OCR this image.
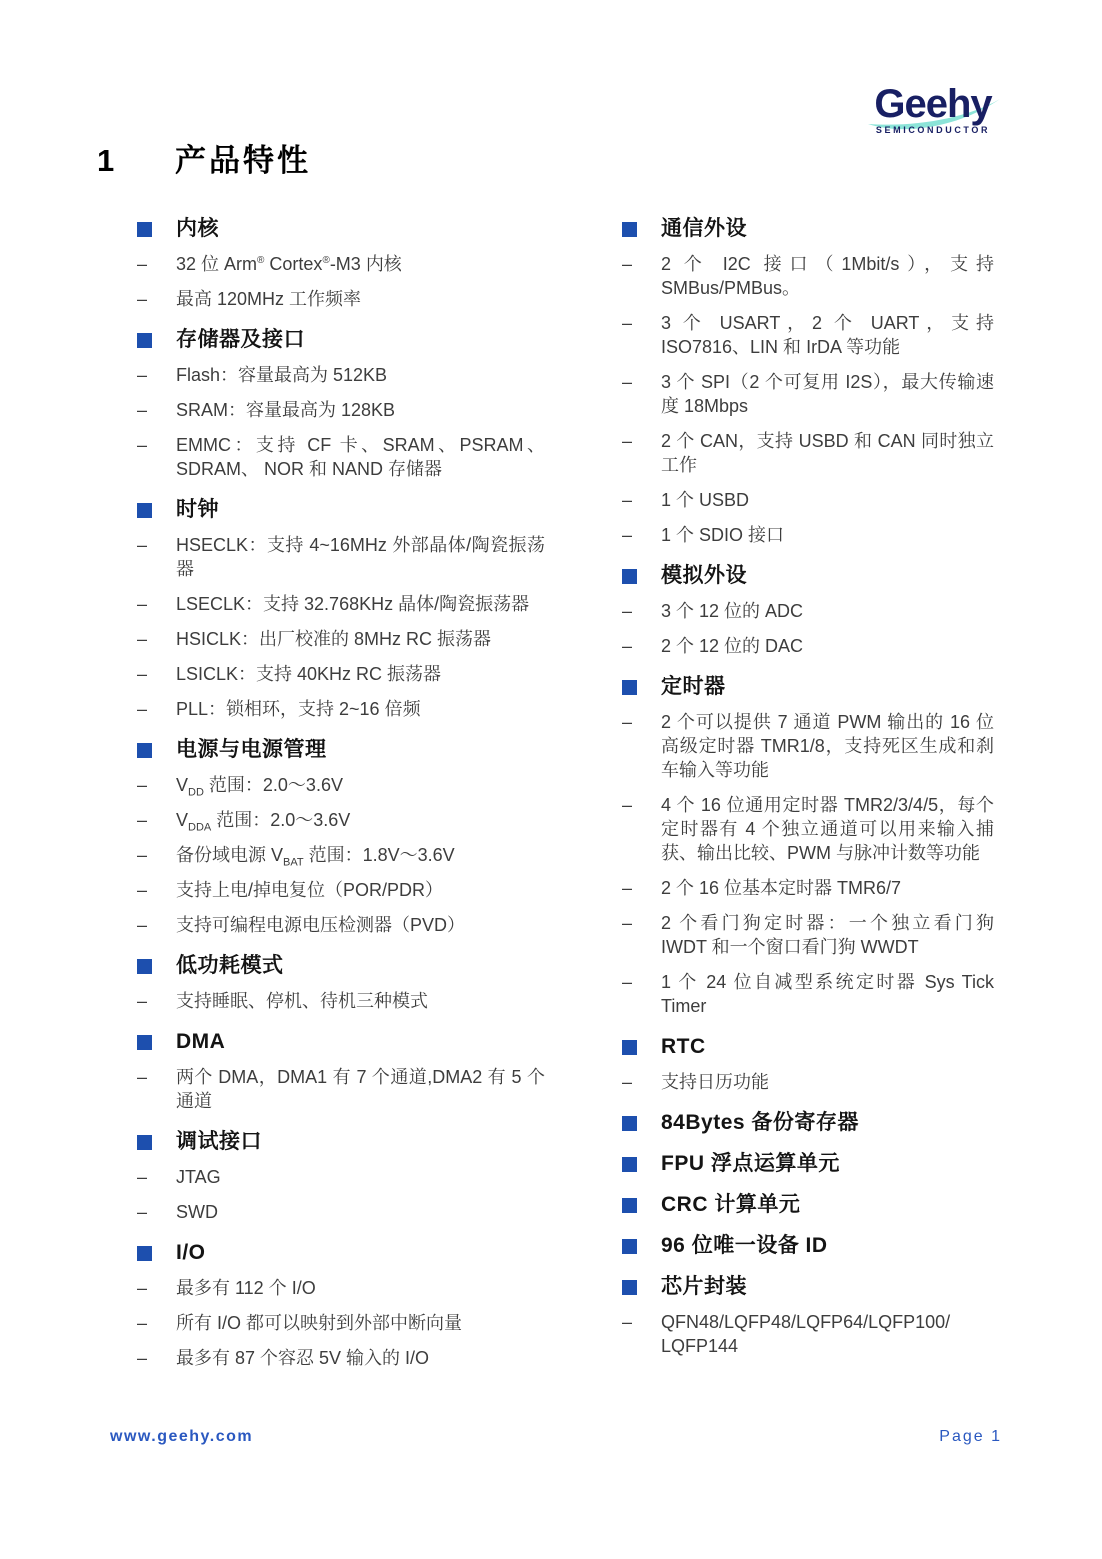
Geehy
SEMICONDUCTOR
1	产品特性
内核
–	32 位 Arm® Cortex®-M3 内核
–	最高 120MHz 工作频率
存储器及接口
–	Flash：容量最高为 512KB
–	SRAM：容量最高为 128KB
–	EMMC：支持 CF 卡、SRAM、PSRAM、SDRAM、 NOR 和 NAND 存储器
时钟
–	HSECLK：支持 4~16MHz 外部晶体/陶瓷振荡器
–	LSECLK：支持 32.768KHz 晶体/陶瓷振荡器
–	HSICLK：出厂校准的 8MHz RC 振荡器
–	LSICLK：支持 40KHz RC 振荡器
–	PLL：锁相环，支持 2~16 倍频
电源与电源管理
–	$V_{DD}$ 范围：2.0～3.6V
–	$V_{DDA}$ 范围：2.0～3.6V
–	备份域电源 $V_{BAT}$ 范围：1.8V～3.6V
–	支持上电/掉电复位（POR/PDR）
–	支持可编程电源电压检测器（PVD）
低功耗模式
–	支持睡眠、停机、待机三种模式
DMA
–	两个 DMA，DMA1 有 7 个通道,DMA2 有 5 个通道
调试接口
–	JTAG
–	SWD
I/O
–	最多有 112 个 I/O
–	所有 I/O 都可以映射到外部中断向量
–	最多有 87 个容忍 5V 输入的 I/O
通信外设
–	2 个 I2C 接口（1Mbit/s），支持 SMBus/PMBus。
–	3 个 USART，2 个 UART，支持 ISO7816、LIN 和 IrDA 等功能
–	3 个 SPI（2 个可复用 I2S），最大传输速度 18Mbps
–	2 个 CAN，支持 USBD 和 CAN 同时独立工作
–	1 个 USBD
–	1 个 SDIO 接口
模拟外设
–	3 个 12 位的 ADC
–	2 个 12 位的 DAC
定时器
–	2 个可以提供 7 通道 PWM 输出的 16 位高级定时器 TMR1/8，支持死区生成和刹车输入等功能
–	4 个 16 位通用定时器 TMR2/3/4/5，每个定时器有 4 个独立通道可以用来输入捕获、输出比较、PWM 与脉冲计数等功能
–	2 个 16 位基本定时器 TMR6/7
–	2 个看门狗定时器：一个独立看门狗 IWDT 和一个窗口看门狗 WWDT
–	1 个 24 位自减型系统定时器 Sys Tick Timer
RTC
–	支持日历功能
84Bytes 备份寄存器
FPU 浮点运算单元
CRC 计算单元
96 位唯一设备 ID
芯片封装
–	QFN48/LQFP48/LQFP64/LQFP100/LQFP144
www.geehy.com	Page 1
